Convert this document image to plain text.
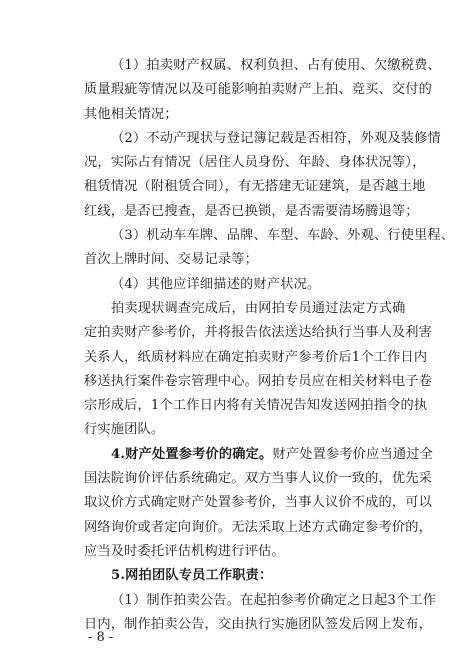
（1）拍卖财产权属、权利负担、占有使用、欠缴税费、
质量瑕疵等情况以及可能影响拍卖财产上拍、竞买、交付的
其他相关情况；
（2）不动产现状与登记簿记载是否相符，外观及装修情
况，实际占有情况（居住人员身份、年龄、身体状况等），
租赁情况（附租赁合同），有无搭建无证建筑，是否越土地
红线，是否已搜查，是否已换锁，是否需要清场腾退等；
（3）机动车车牌、品牌、车型、车龄、外观、行使里程、
首次上牌时间、交易记录等；
（4）其他应详细描述的财产状况。
拍卖现状调查完成后，由网拍专员通过法定方式确
定拍卖财产参考价，并将报告依法送达给执行当事人及利害
关系人，纸质材料应在确定拍卖财产参考价后1个工作日内
移送执行案件卷宗管理中心。网拍专员应在相关材料电子卷
宗形成后，1个工作日内将有关情况告知发送网拍指令的执
行实施团队。
4.财产处置参考价的确定。财产处置参考价应当通过全
国法院询价评估系统确定。双方当事人议价一致的，优先采
取议价方式确定财产处置参考价，当事人议价不成的，可以
网络询价或者定向询价。无法采取上述方式确定参考价的，
应当及时委托评估机构进行评估。
5.网拍团队专员工作职责：
（1）制作拍卖公告。在起拍参考价确定之日起3个工作
日内，制作拍卖公告，交由执行实施团队签发后网上发布，
- 8 -
